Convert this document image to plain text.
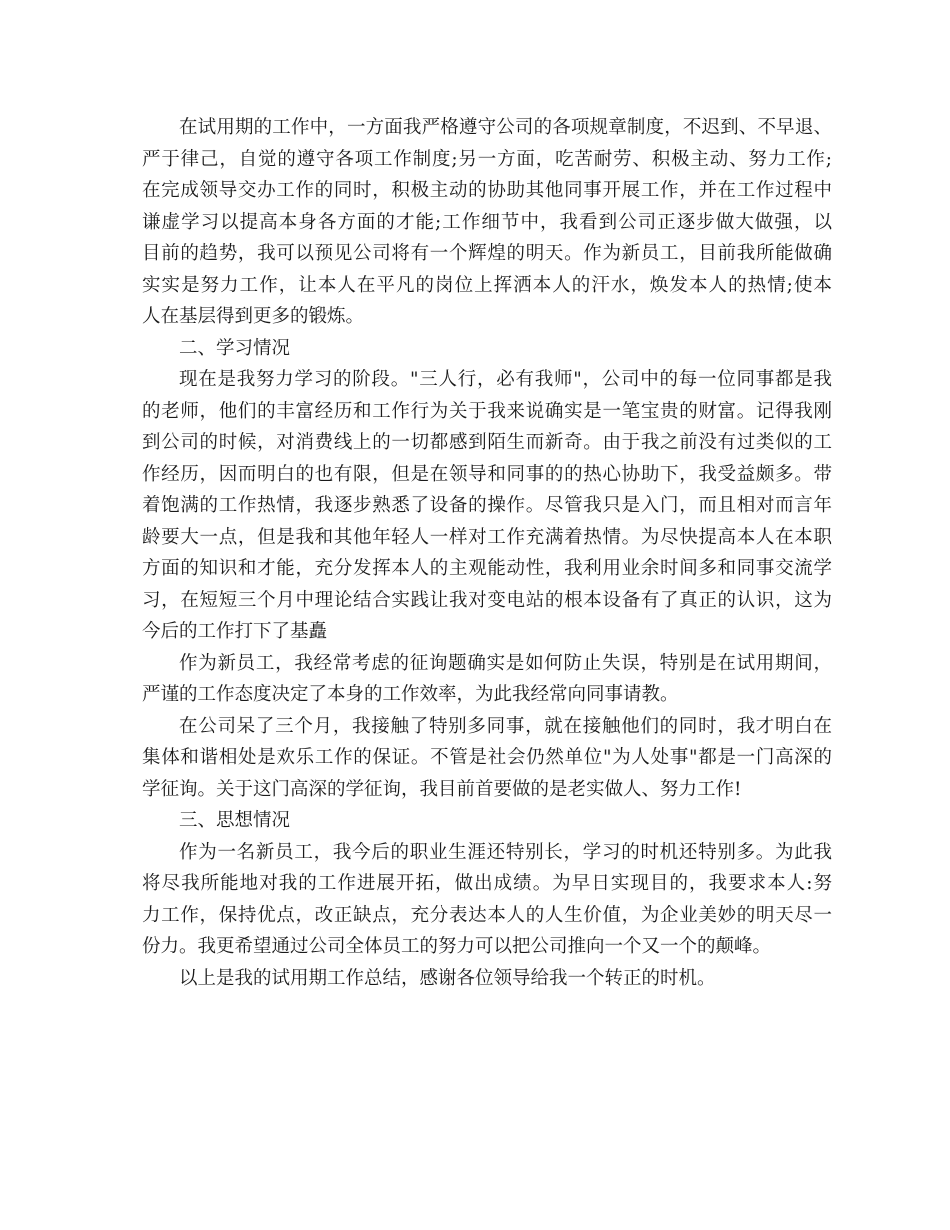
在试用期的工作中，一方面我严格遵守公司的各项规章制度，不迟到、不早退、
严于律己，自觉的遵守各项工作制度;另一方面，吃苦耐劳、积极主动、努力工作;
在完成领导交办工作的同时，积极主动的协助其他同事开展工作，并在工作过程中
谦虚学习以提高本身各方面的才能;工作细节中，我看到公司正逐步做大做强，以
目前的趋势，我可以预见公司将有一个辉煌的明天。作为新员工，目前我所能做确
实实是努力工作，让本人在平凡的岗位上挥洒本人的汗水，焕发本人的热情;使本
人在基层得到更多的锻炼。
二、学习情况
现在是我努力学习的阶段。"三人行，必有我师"，公司中的每一位同事都是我
的老师，他们的丰富经历和工作行为关于我来说确实是一笔宝贵的财富。记得我刚
到公司的时候，对消费线上的一切都感到陌生而新奇。由于我之前没有过类似的工
作经历，因而明白的也有限，但是在领导和同事的的热心协助下，我受益颇多。带
着饱满的工作热情，我逐步熟悉了设备的操作。尽管我只是入门，而且相对而言年
龄要大一点，但是我和其他年轻人一样对工作充满着热情。为尽快提高本人在本职
方面的知识和才能，充分发挥本人的主观能动性，我利用业余时间多和同事交流学
习，在短短三个月中理论结合实践让我对变电站的根本设备有了真正的认识，这为
今后的工作打下了基矗
作为新员工，我经常考虑的征询题确实是如何防止失误，特别是在试用期间，
严谨的工作态度决定了本身的工作效率，为此我经常向同事请教。
在公司呆了三个月，我接触了特别多同事，就在接触他们的同时，我才明白在
集体和谐相处是欢乐工作的保证。不管是社会仍然单位"为人处事"都是一门高深的
学征询。关于这门高深的学征询，我目前首要做的是老实做人、努力工作!
三、思想情况
作为一名新员工，我今后的职业生涯还特别长，学习的时机还特别多。为此我
将尽我所能地对我的工作进展开拓，做出成绩。为早日实现目的，我要求本人:努
力工作，保持优点，改正缺点，充分表达本人的人生价值，为企业美妙的明天尽一
份力。我更希望通过公司全体员工的努力可以把公司推向一个又一个的颠峰。
以上是我的试用期工作总结，感谢各位领导给我一个转正的时机。
